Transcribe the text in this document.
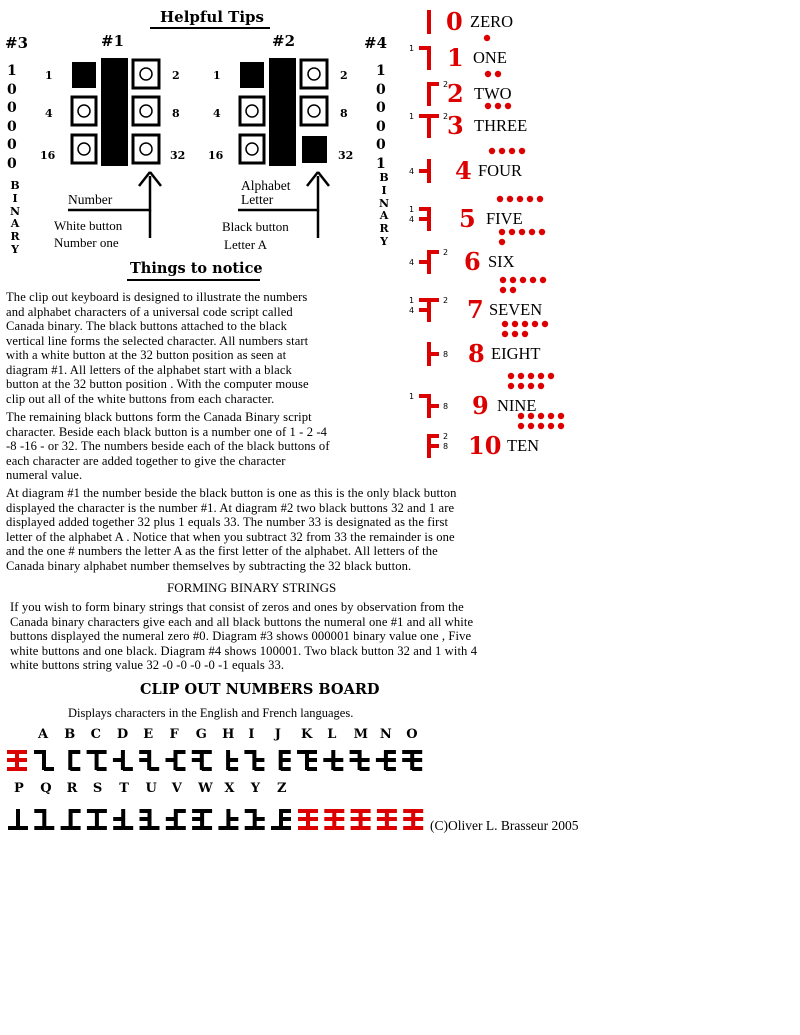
Helpful Tips
#3	#1	#2	#4
1
0
0
0
0
0
1
0
0
0
0
1
B
I
N
A
R
Y
B
I
N
A
R
Y
1
4
16
2
8
32
1
4
16
2
8
32
Number
White button
Number one
Alphabet
Letter
Black button
Letter A
Things to notice
The clip out keyboard is designed to illustrate the numbers
and alphabet characters of a universal code script called
Canada binary. The black buttons attached to the black
vertical line forms the selected character. All numbers start
with a white button at the 32 button position as seen at
diagram #1. All letters of the alphabet start with a black
button at the 32 button position . With the computer mouse
clip out all of the white buttons from each character.
The remaining black buttons form the Canada Binary script
character. Beside each black button is a number one of 1 - 2 -4
-8 -16 - or 32. The numbers beside each of the black buttons of
each character are added together to give the character
numeral value.
At diagram #1 the number beside the black button is one as this is the only black button
displayed the character is the number #1. At diagram #2 two black buttons 32 and 1 are
displayed added together 32 plus 1 equals 33. The number 33 is designated as the first
letter of the alphabet A . Notice that when you subtract 32 from 33 the remainder is one
and the one # numbers the letter A as the first letter of the alphabet. All letters of the
Canada binary alphabet number themselves by subtracting the 32 black button.
FORMING BINARY STRINGS
If you wish to form binary strings that consist of zeros and ones by observation from the
Canada binary characters give each and all black buttons the numeral one #1 and all white
buttons displayed the numeral zero #0. Diagram #3 shows 000001 binary value one , Five
white buttons and one black. Diagram #4 shows 100001. Two black button 32 and 1 with 4
white buttons string value 32 -0 -0 -0 -0 -1 equals 33.
CLIP OUT NUMBERS BOARD
Displays characters in the English and French languages.
A B C D E F G H I J K L M N O
P Q R S T U V W X Y Z
(C)Oliver L. Brasseur 2005
1
2
1	2
4
1
4
2
4
1	2
4
8
1
8
2
8
0 ZERO
1 ONE
2 TWO
3 THREE
4 FOUR
5 FIVE
6 SIX
7 SEVEN
8 EIGHT
9 NINE
10 TEN
